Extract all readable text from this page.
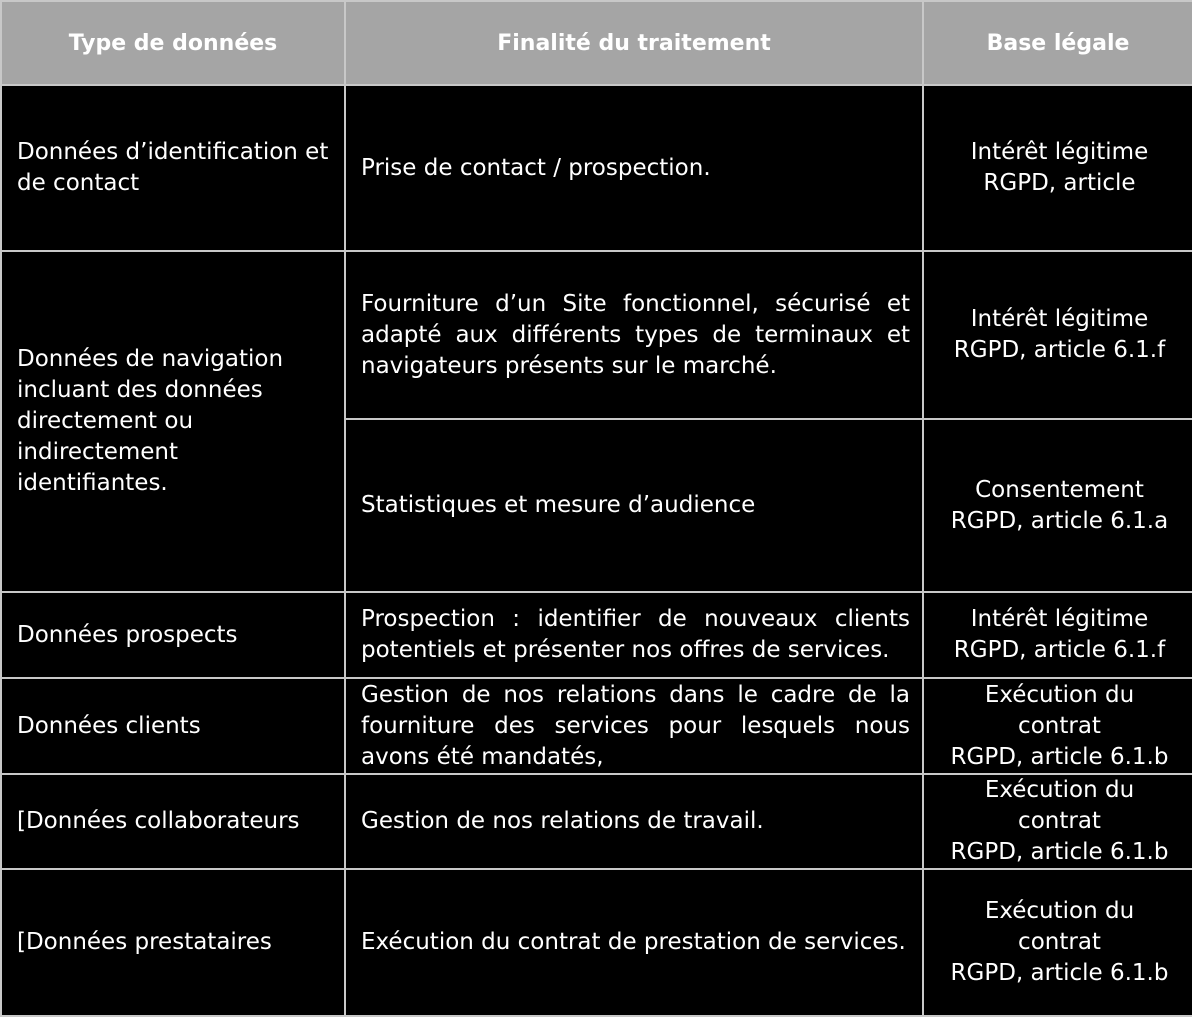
Type de données	Finalité du traitement	Base légale
Données d’identification et de contact	Prise de contact / prospection.	Intérêt légitime
RGPD, article

Données de navigation incluant des données directement ou indirectement identifiantes.	Fourniture d’un Site fonctionnel, sécurisé et adapté aux différents types de terminaux et navigateurs présents sur le marché.	Intérêt légitime
RGPD, article 6.1.f

	Statistiques et mesure d’audience	Consentement
RGPD, article 6.1.a

Données prospects	Prospection : identifier de nouveaux clients potentiels et présenter nos offres de services.	Intérêt légitime
RGPD, article 6.1.f

Données clients	Gestion de nos relations dans le cadre de la fourniture des services pour lesquels nous avons été mandatés,	Exécution du
contrat
RGPD, article 6.1.b

[Données collaborateurs	Gestion de nos relations de travail.	Exécution du
contrat
RGPD, article 6.1.b

[Données prestataires	Exécution du contrat de prestation de services.	Exécution du
contrat
RGPD, article 6.1.b
